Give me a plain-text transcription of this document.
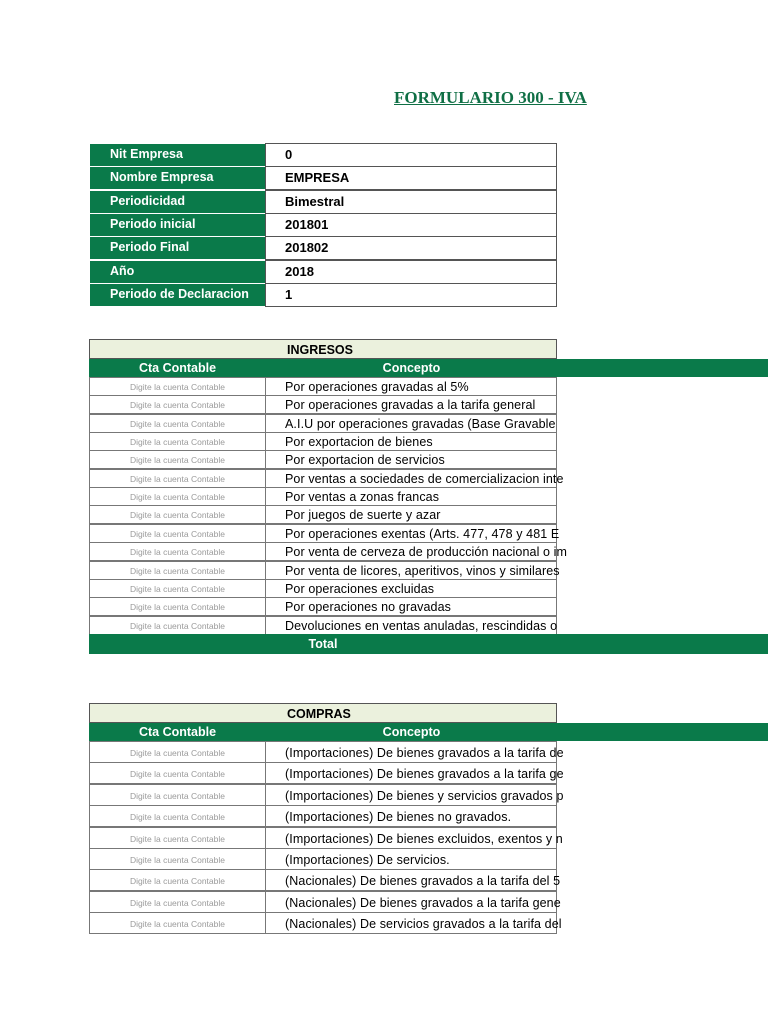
FORMULARIO 300 - IVA
Nit Empresa	0
Nombre Empresa	EMPRESA
Periodicidad	Bimestral
Periodo inicial	201801
Periodo Final	201802
Año	2018
Periodo de Declaracion	1
INGRESOS
Cta Contable	Concepto
Digite la cuenta Contable	Por operaciones gravadas al 5%
Digite la cuenta Contable	Por operaciones gravadas a la tarifa general
Digite la cuenta Contable	A.I.U por operaciones gravadas (Base Gravable
Digite la cuenta Contable	Por exportacion de bienes
Digite la cuenta Contable	Por exportacion de servicios
Digite la cuenta Contable	Por ventas a sociedades de comercializacion inte
Digite la cuenta Contable	Por ventas a zonas francas
Digite la cuenta Contable	Por juegos de suerte y azar
Digite la cuenta Contable	Por operaciones exentas (Arts. 477, 478 y 481 E
Digite la cuenta Contable	Por venta de cerveza de producción nacional o im
Digite la cuenta Contable	Por venta de licores, aperitivos, vinos y similares
Digite la cuenta Contable	Por operaciones excluidas
Digite la cuenta Contable	Por operaciones no gravadas
Digite la cuenta Contable	Devoluciones en ventas anuladas, rescindidas o
Total
COMPRAS
Cta Contable	Concepto
Digite la cuenta Contable	(Importaciones) De bienes gravados a la tarifa de
Digite la cuenta Contable	(Importaciones) De bienes gravados a la tarifa ge
Digite la cuenta Contable	(Importaciones) De bienes y servicios gravados p
Digite la cuenta Contable	(Importaciones) De bienes no gravados.
Digite la cuenta Contable	(Importaciones) De bienes excluidos, exentos y n
Digite la cuenta Contable	(Importaciones) De servicios.
Digite la cuenta Contable	(Nacionales) De bienes gravados a la tarifa del 5
Digite la cuenta Contable	(Nacionales) De bienes gravados a la tarifa gene
Digite la cuenta Contable	(Nacionales) De servicios gravados a la tarifa del
